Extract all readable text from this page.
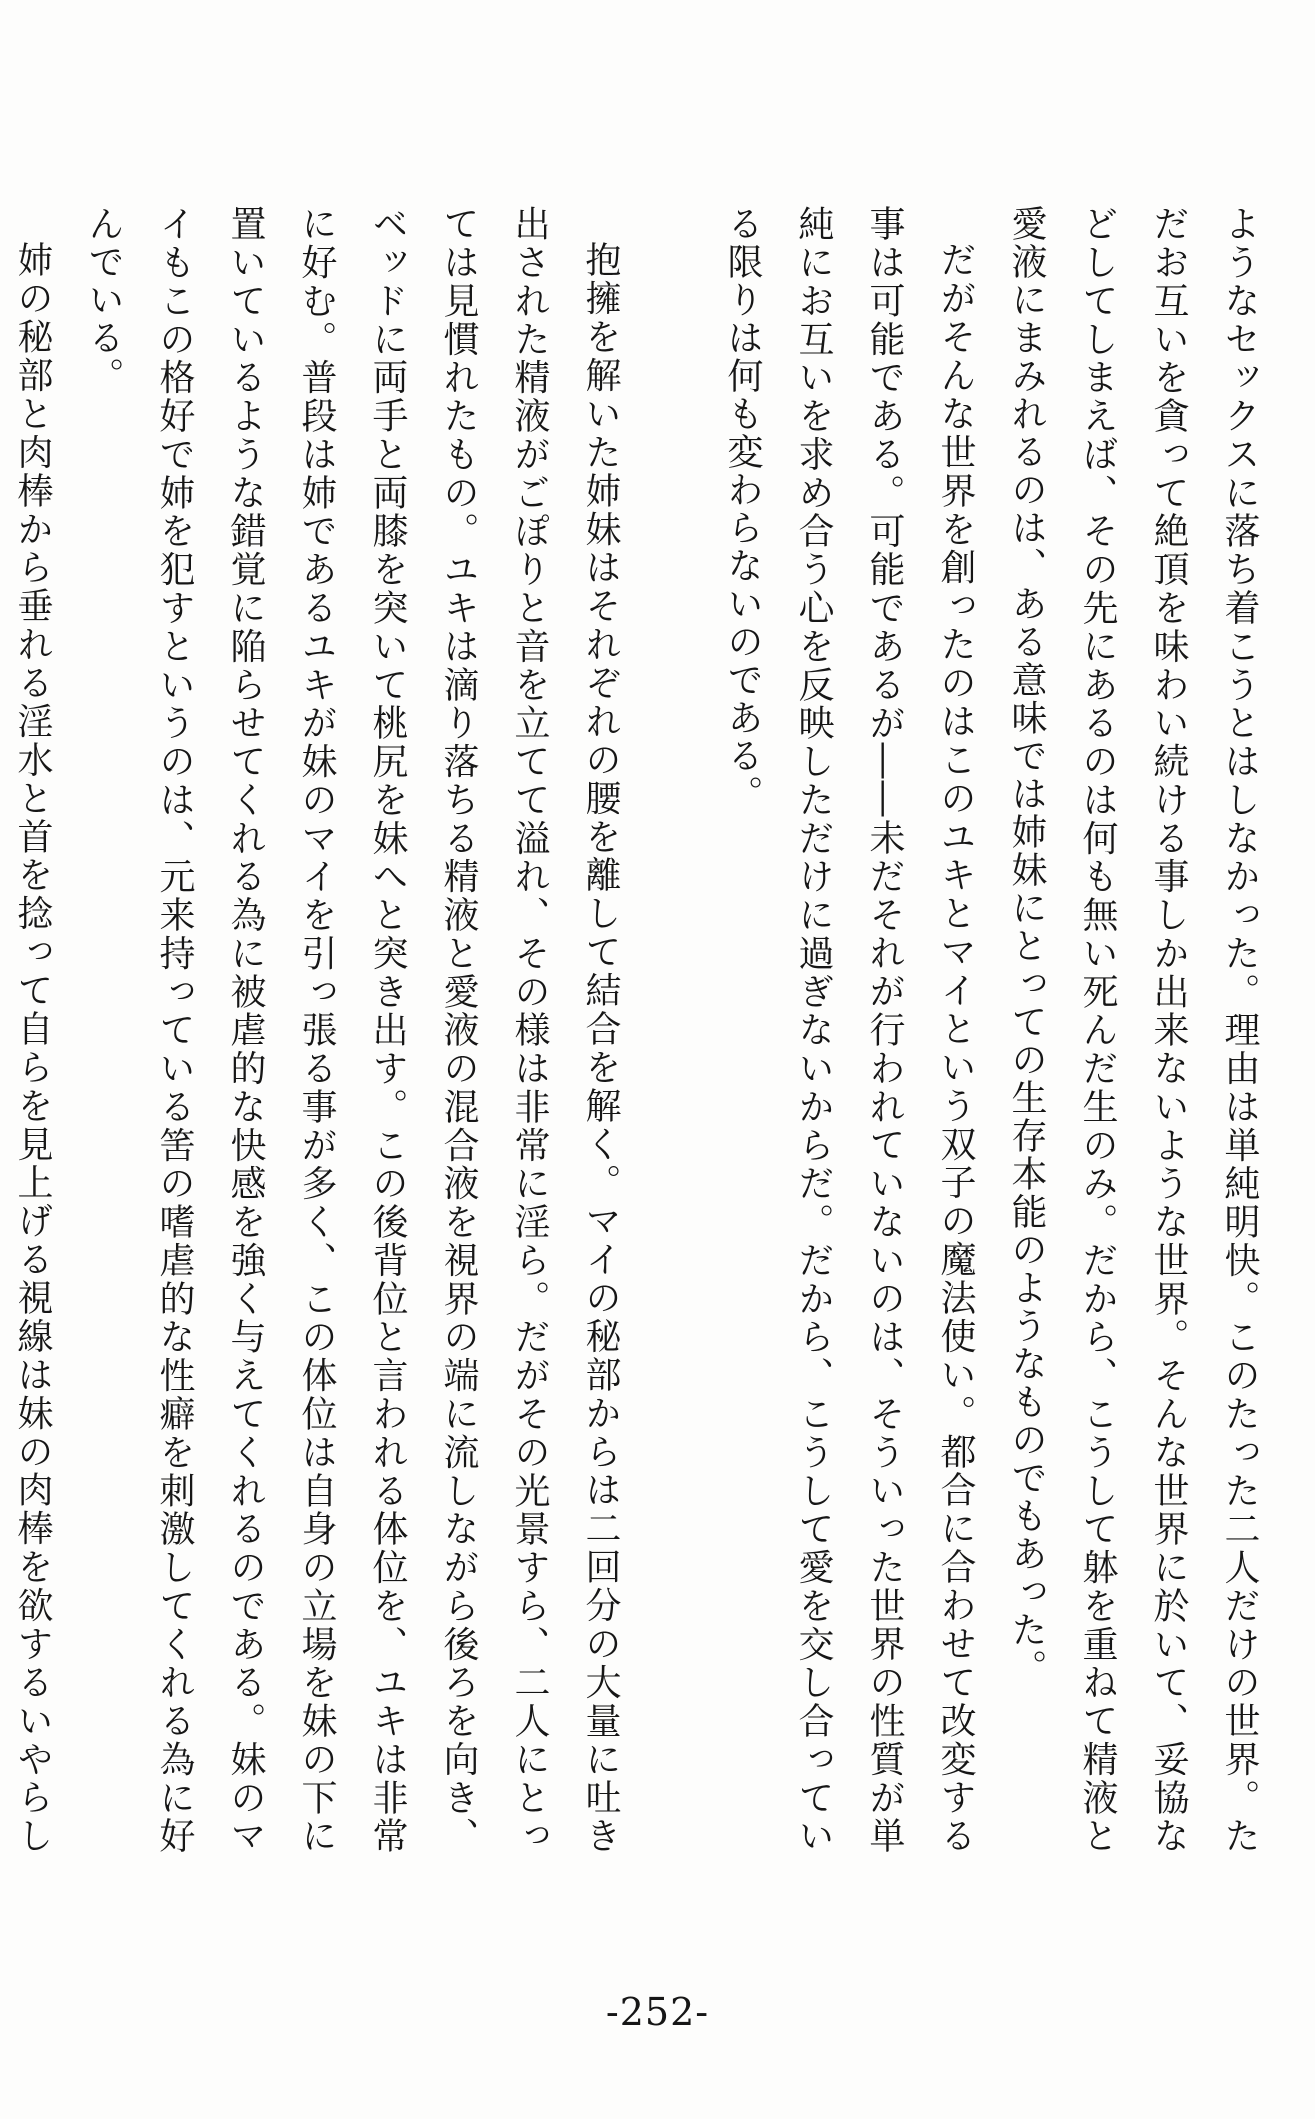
ようなセックスに落ち着こうとはしなかった。理由は単純明快。このたった二人だけの世界。ただお互いを貪って絶頂を味わい続ける事しか出来ないような世界。そんな世界に於いて、妥協などしてしまえば、その先にあるのは何も無い死んだ生のみ。だから、こうして躰を重ねて精液と愛液にまみれるのは、ある意味では姉妹にとっての生存本能のようなものでもあった。

だがそんな世界を創ったのはこのユキとマイという双子の魔法使い。都合に合わせて改変する事は可能である。可能であるが――未だそれが行われていないのは、そういった世界の性質が単純にお互いを求め合う心を反映しただけに過ぎないからだ。だから、こうして愛を交し合っている限りは何も変わらないのである。

抱擁を解いた姉妹はそれぞれの腰を離して結合を解く。マイの秘部からは二回分の大量に吐き出された精液がごぽりと音を立てて溢れ、その様は非常に淫ら。だがその光景すら、二人にとっては見慣れたもの。ユキは滴り落ちる精液と愛液の混合液を視界の端に流しながら後ろを向き、ベッドに両手と両膝を突いて桃尻を妹へと突き出す。この後背位と言われる体位を、ユキは非常に好む。普段は姉であるユキが妹のマイを引っ張る事が多く、この体位は自身の立場を妹の下に置いているような錯覚に陥らせてくれる為に被虐的な快感を強く与えてくれるのである。妹のマイもこの格好で姉を犯すというのは、元来持っている筈の嗜虐的な性癖を刺激してくれる為に好んでいる。

姉の秘部と肉棒から垂れる淫水と首を捻って自らを見上げる視線は妹の肉棒を欲するいやらし

-252-
